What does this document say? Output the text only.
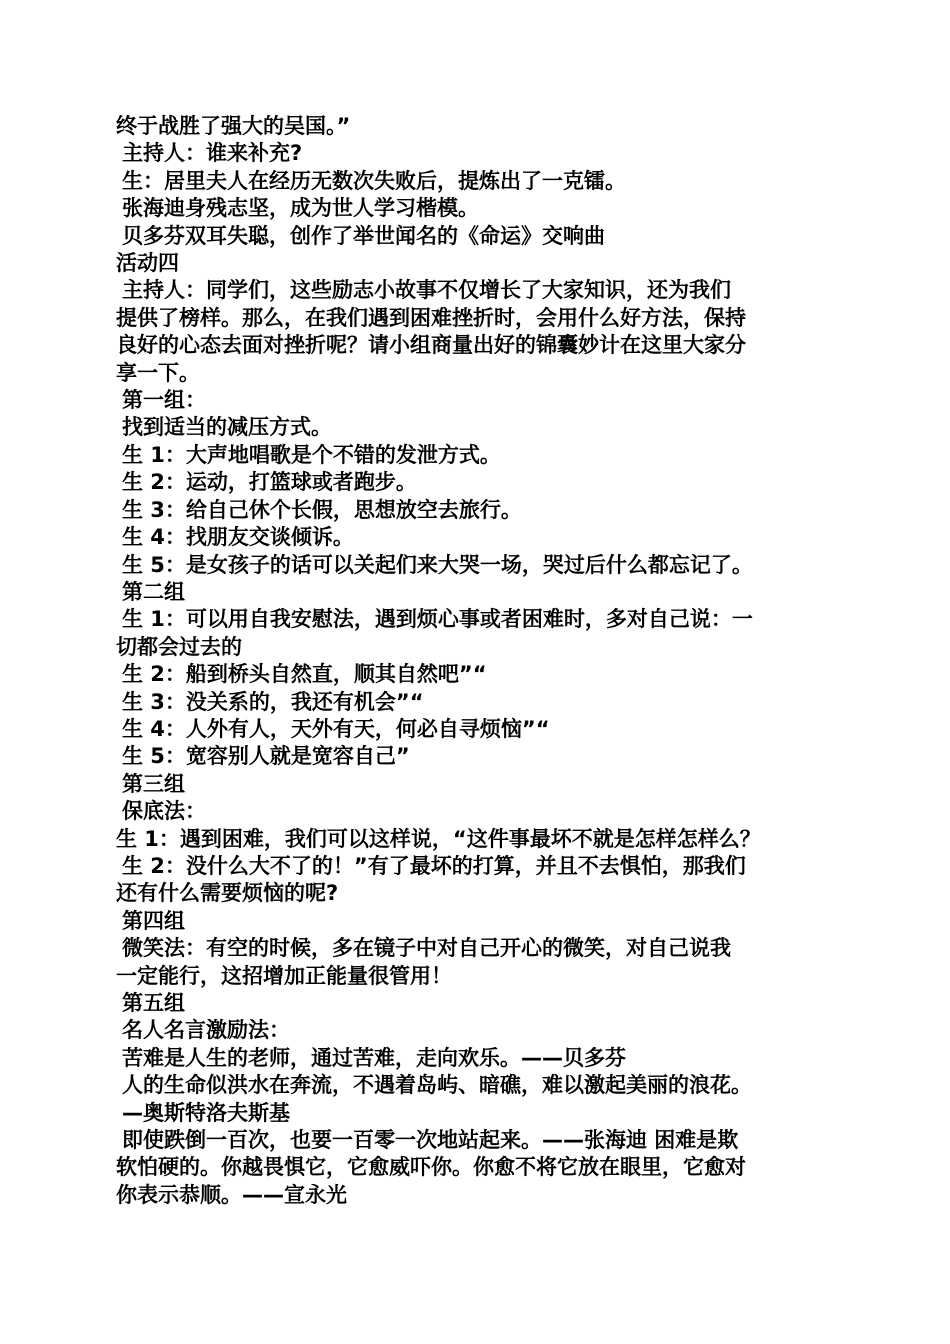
终于战胜了强大的吴国。”
主持人：谁来补充?
生：居里夫人在经历无数次失败后，提炼出了一克镭。
张海迪身残志坚，成为世人学习楷模。
贝多芬双耳失聪，创作了举世闻名的《命运》交响曲
活动四
主持人：同学们，这些励志小故事不仅增长了大家知识，还为我们
提供了榜样。那么，在我们遇到困难挫折时，会用什么好方法，保持
良好的心态去面对挫折呢？请小组商量出好的锦囊妙计在这里大家分
享一下。
第一组：
找到适当的减压方式。
生 1：大声地唱歌是个不错的发泄方式。
生 2：运动，打篮球或者跑步。
生 3：给自己休个长假，思想放空去旅行。
生 4：找朋友交谈倾诉。
生 5：是女孩子的话可以关起们来大哭一场，哭过后什么都忘记了。
第二组
生 1：可以用自我安慰法，遇到烦心事或者困难时，多对自己说：一
切都会过去的
生 2：船到桥头自然直，顺其自然吧”“
生 3：没关系的，我还有机会”“
生 4：人外有人，天外有天，何必自寻烦恼”“
生 5：宽容别人就是宽容自己”
第三组
保底法：
生 1：遇到困难，我们可以这样说，“这件事最坏不就是怎样怎样么？
生 2：没什么大不了的！”有了最坏的打算，并且不去惧怕，那我们
还有什么需要烦恼的呢?
第四组
微笑法：有空的时候，多在镜子中对自己开心的微笑，对自己说我
一定能行，这招增加正能量很管用！
第五组
名人名言激励法：
苦难是人生的老师，通过苦难，走向欢乐。——贝多芬
人的生命似洪水在奔流，不遇着岛屿、暗礁，难以激起美丽的浪花。
—奥斯特洛夫斯基
即使跌倒一百次，也要一百零一次地站起来。——张海迪 困难是欺
软怕硬的。你越畏惧它，它愈威吓你。你愈不将它放在眼里，它愈对
你表示恭顺。——宣永光
